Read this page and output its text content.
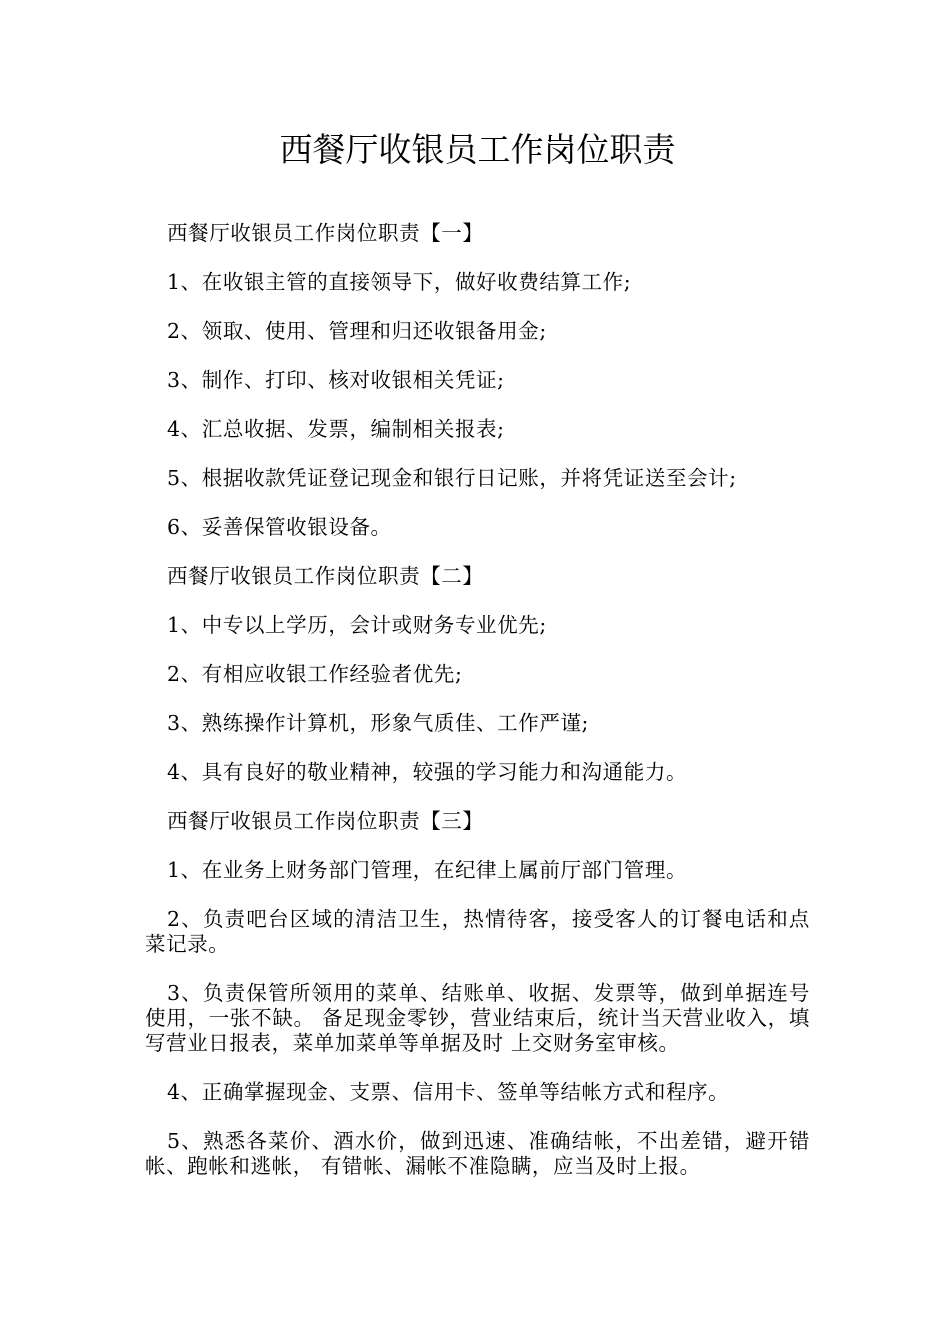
西餐厅收银员工作岗位职责

西餐厅收银员工作岗位职责【一】

1、在收银主管的直接领导下，做好收费结算工作;

2、领取、使用、管理和归还收银备用金;

3、制作、打印、核对收银相关凭证;

4、汇总收据、发票，编制相关报表;

5、根据收款凭证登记现金和银行日记账，并将凭证送至会计;

6、妥善保管收银设备。

西餐厅收银员工作岗位职责【二】

1、中专以上学历，会计或财务专业优先;

2、有相应收银工作经验者优先;

3、熟练操作计算机，形象气质佳、工作严谨;

4、具有良好的敬业精神，较强的学习能力和沟通能力。

西餐厅收银员工作岗位职责【三】

1、在业务上财务部门管理，在纪律上属前厅部门管理。

2、负责吧台区域的清洁卫生，热情待客，接受客人的订餐电话和点菜记录。

3、负责保管所领用的菜单、结账单、收据、发票等，做到单据连号使用，一张不缺。 备足现金零钞，营业结束后，统计当天营业收入，填写营业日报表，菜单加菜单等单据及时 上交财务室审核。

4、正确掌握现金、支票、信用卡、签单等结帐方式和程序。

5、熟悉各菜价、酒水价，做到迅速、准确结帐，不出差错，避开错帐、跑帐和逃帐， 有错帐、漏帐不准隐瞒，应当及时上报。
